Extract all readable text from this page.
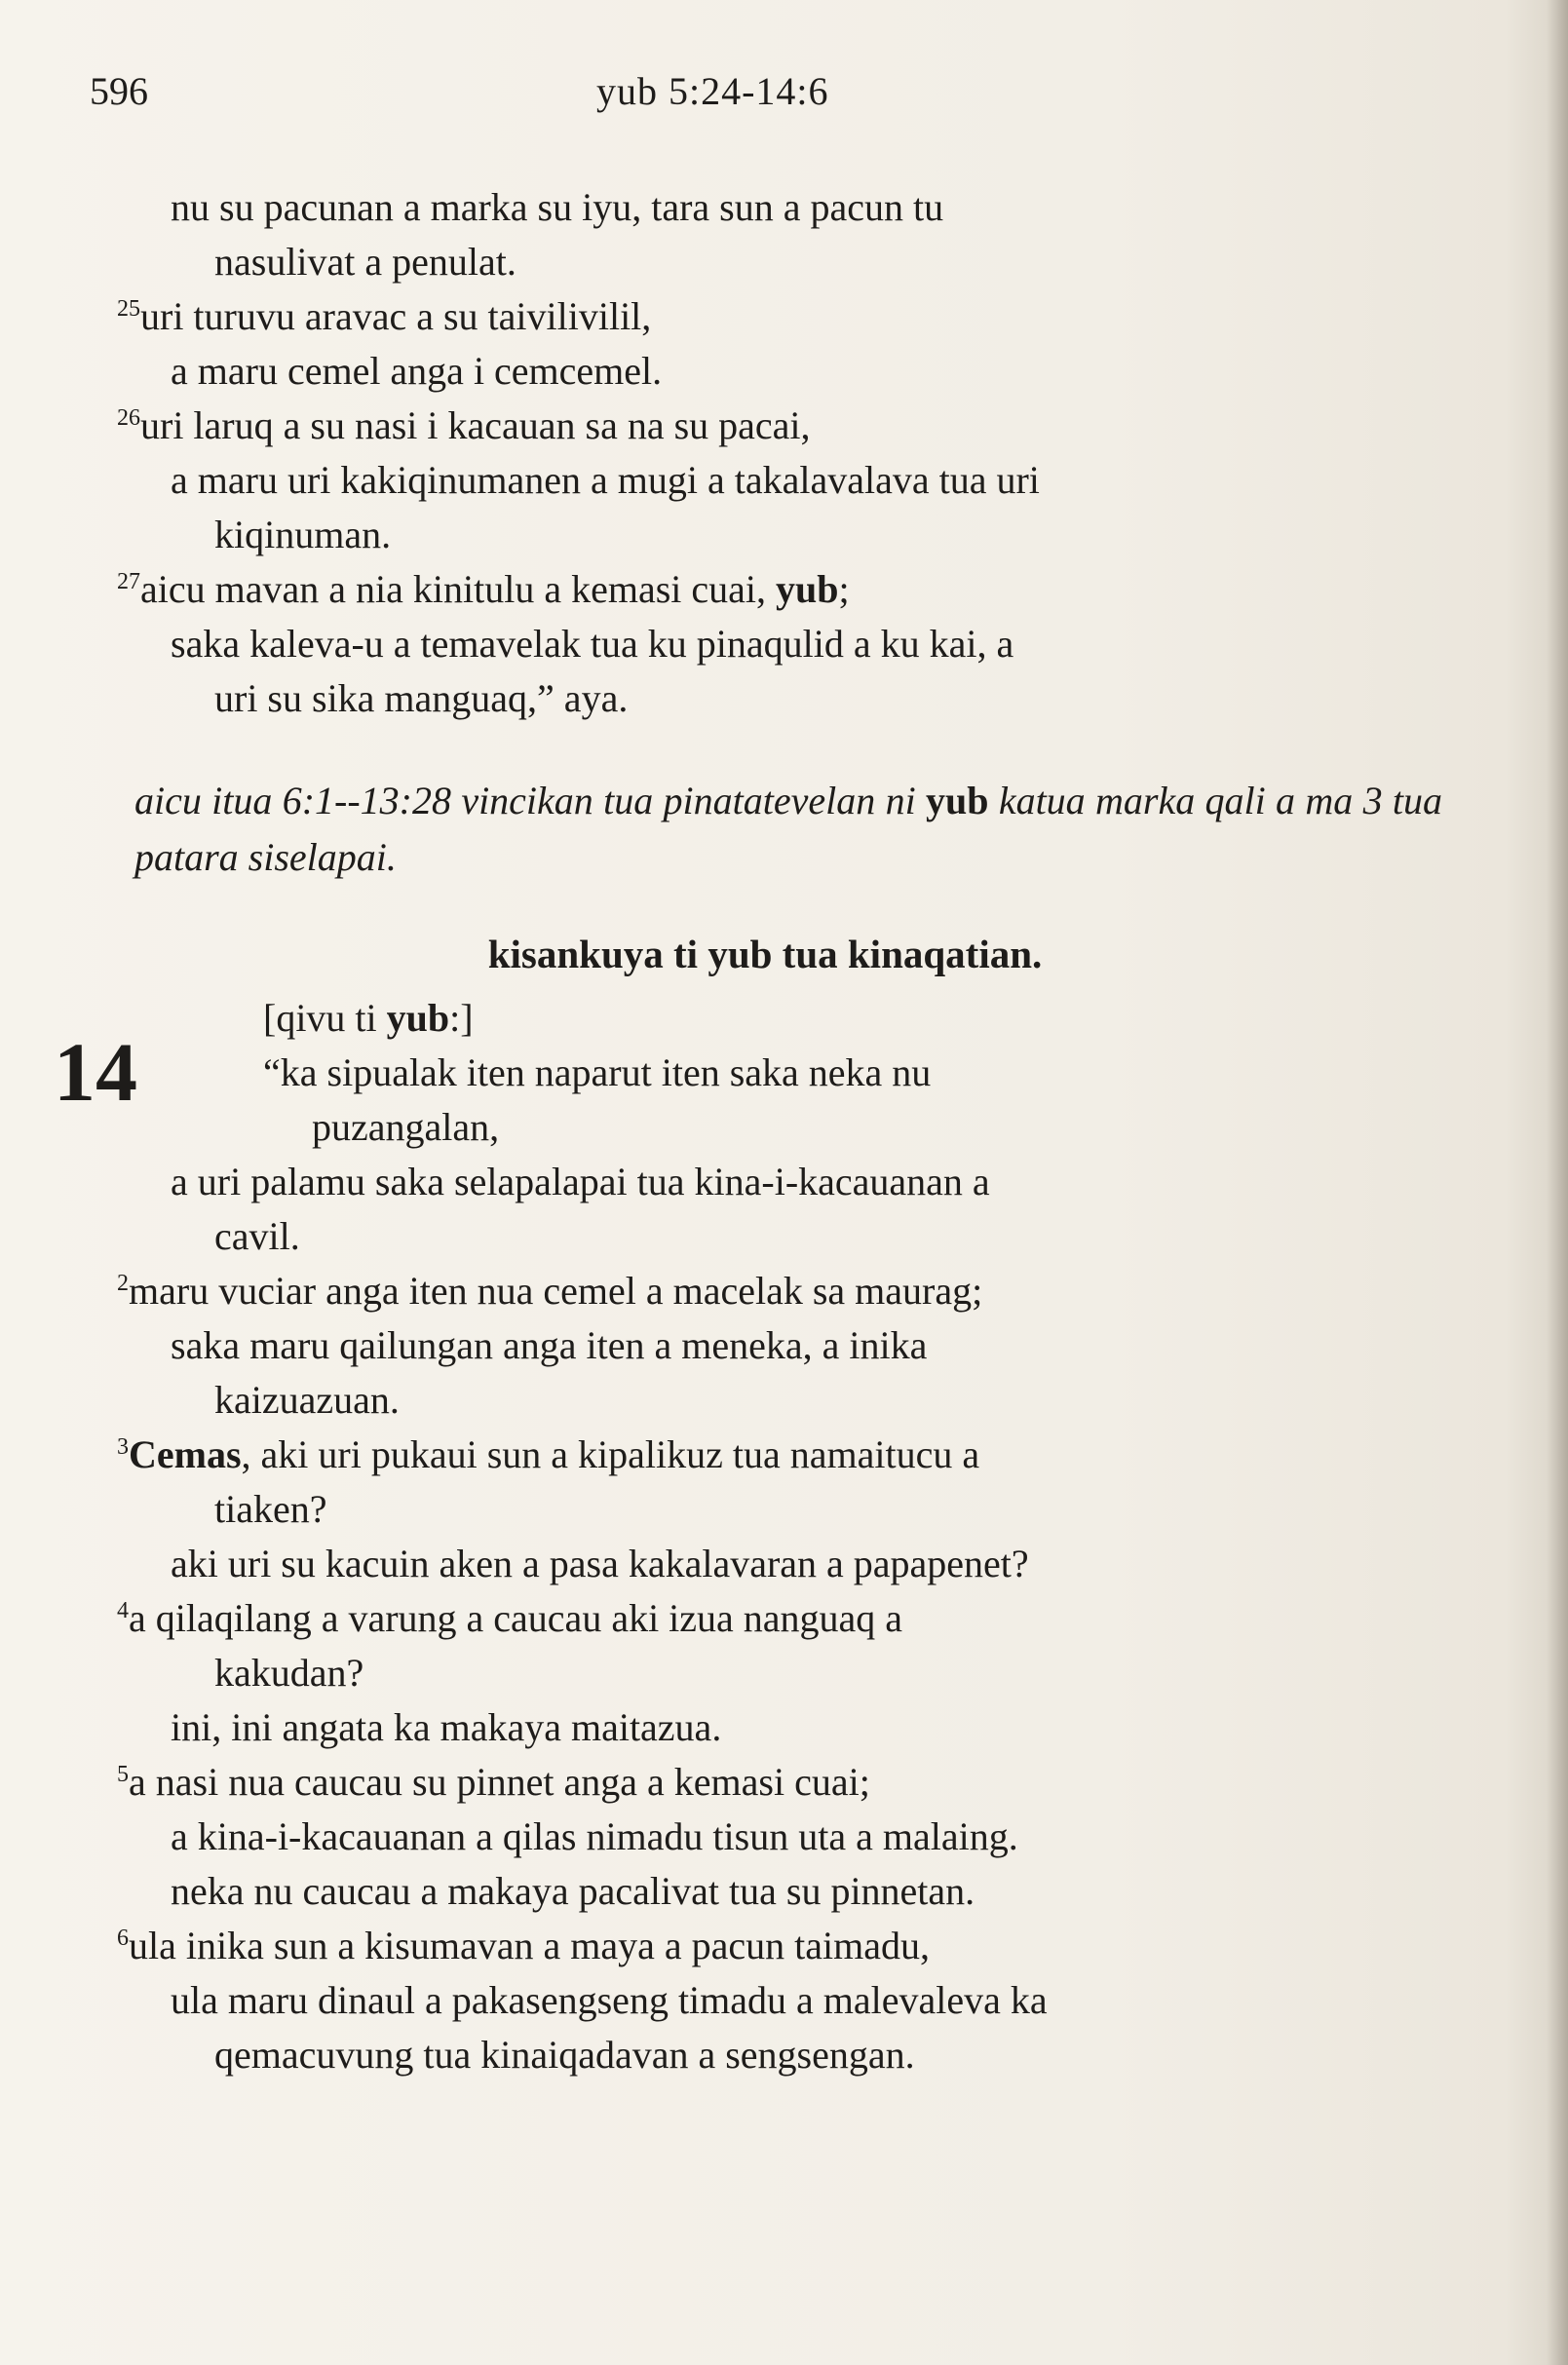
596	yub 5:24-14:6
nu su pacunan a marka su iyu, tara sun a pacun tu
nasulivat a penulat.
$^{25}$uri turuvu aravac a su taivilivilil,
a maru cemel anga i cemcemel.
$^{26}$uri laruq a su nasi i kacauan sa na su pacai,
a maru uri kakiqinumanen a mugi a takalavalava tua uri
kiqinuman.
$^{27}$aicu mavan a nia kinitulu a kemasi cuai, yub;
saka kaleva-u a temavelak tua ku pinaqulid a ku kai, a
uri su sika manguaq,” aya.
aicu itua 6:1--13:28 vincikan tua pinatatevelan ni yub katua marka qali a ma 3 tua patara siselapai.
kisankuya ti yub tua kinaqatian.
14
[qivu ti yub:]
“ka sipualak iten naparut iten saka neka nu
puzangalan,
a uri palamu saka selapalapai tua kina-i-kacauanan a
cavil.
$^2$maru vuciar anga iten nua cemel a macelak sa maurag;
saka maru qailungan anga iten a meneka, a inika
kaizuazuan.
$^3$Cemas, aki uri pukaui sun a kipalikuz tua namaitucu a
tiaken?
aki uri su kacuin aken a pasa kakalavaran a papapenet?
$^4$a qilaqilang a varung a caucau aki izua nanguaq a
kakudan?
ini, ini angata ka makaya maitazua.
$^5$a nasi nua caucau su pinnet anga a kemasi cuai;
a kina-i-kacauanan a qilas nimadu tisun uta a malaing.
neka nu caucau a makaya pacalivat tua su pinnetan.
$^6$ula inika sun a kisumavan a maya a pacun taimadu,
ula maru dinaul a pakasengseng timadu a malevaleva ka
qemacuvung tua kinaiqadavan a sengsengan.
